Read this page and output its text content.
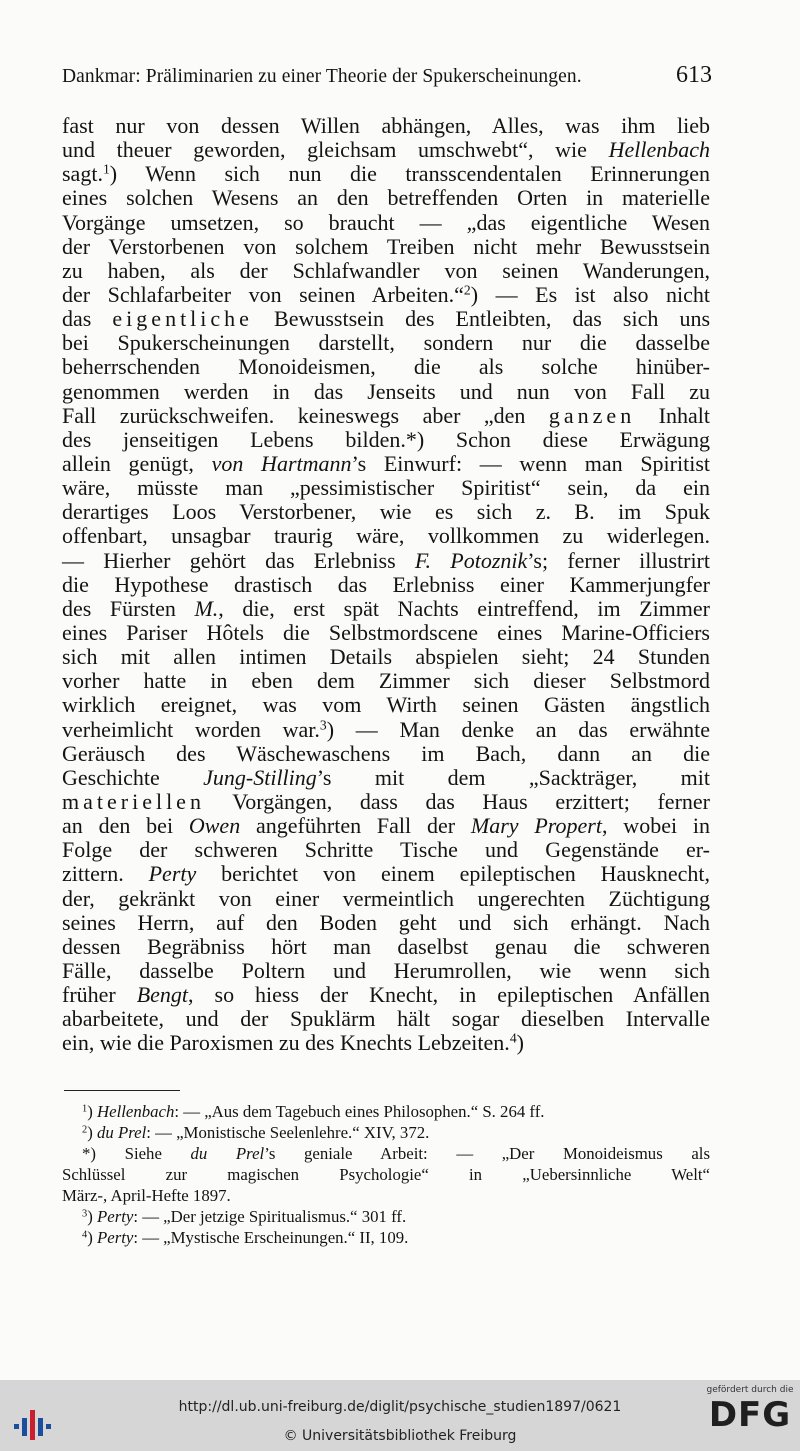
Dankmar: Präliminarien zu einer Theorie der Spukerscheinungen.	613
fast nur von dessen Willen abhängen, Alles, was ihm lieb
und theuer geworden, gleichsam umschwebt“, wie Hellenbach
sagt.$^1$) Wenn sich nun die transscendentalen Erinnerungen
eines solchen Wesens an den betreffenden Orten in materielle
Vorgänge umsetzen, so braucht — „das eigentliche Wesen
der Verstorbenen von solchem Treiben nicht mehr Bewusstsein
zu haben, als der Schlafwandler von seinen Wanderungen,
der Schlafarbeiter von seinen Arbeiten.“$^2$) — Es ist also nicht
das eigentliche Bewusstsein des Entleibten, das sich uns
bei Spukerscheinungen darstellt, sondern nur die dasselbe
beherrschenden Monoideismen, die als solche hinüber-
genommen werden in das Jenseits und nun von Fall zu
Fall zurückschweifen. keineswegs aber „den ganzen Inhalt
des jenseitigen Lebens bilden.*) Schon diese Erwägung
allein genügt, von Hartmann’s Einwurf: — wenn man Spiritist
wäre, müsste man „pessimistischer Spiritist“ sein, da ein
derartiges Loos Verstorbener, wie es sich z. B. im Spuk
offenbart, unsagbar traurig wäre, vollkommen zu widerlegen.
— Hierher gehört das Erlebniss F. Potoznik’s; ferner illustrirt
die Hypothese drastisch das Erlebniss einer Kammerjungfer
des Fürsten M., die, erst spät Nachts eintreffend, im Zimmer
eines Pariser Hôtels die Selbstmordscene eines Marine-Officiers
sich mit allen intimen Details abspielen sieht; 24 Stunden
vorher hatte in eben dem Zimmer sich dieser Selbstmord
wirklich ereignet, was vom Wirth seinen Gästen ängstlich
verheimlicht worden war.$^3$) — Man denke an das erwähnte
Geräusch des Wäschewaschens im Bach, dann an die
Geschichte Jung-Stilling’s mit dem „Sackträger, mit
materiellen Vorgängen, dass das Haus erzittert; ferner
an den bei Owen angeführten Fall der Mary Propert, wobei in
Folge der schweren Schritte Tische und Gegenstände er-
zittern. Perty berichtet von einem epileptischen Hausknecht,
der, gekränkt von einer vermeintlich ungerechten Züchtigung
seines Herrn, auf den Boden geht und sich erhängt. Nach
dessen Begräbniss hört man daselbst genau die schweren
Fälle, dasselbe Poltern und Herumrollen, wie wenn sich
früher Bengt, so hiess der Knecht, in epileptischen Anfällen
abarbeitete, und der Spuklärm hält sogar dieselben Intervalle
ein, wie die Paroxismen zu des Knechts Lebzeiten.$^4$)
$^1$) Hellenbach: — „Aus dem Tagebuch eines Philosophen.“ S. 264 ff.
$^2$) du Prel: — „Monistische Seelenlehre.“ XIV, 372.
*) Siehe du Prel’s geniale Arbeit: — „Der Monoideismus als
Schlüssel zur magischen Psychologie“ in „Uebersinnliche Welt“
März-, April-Hefte 1897.
$^3$) Perty: — „Der jetzige Spiritualismus.“ 301 ff.
$^4$) Perty: — „Mystische Erscheinungen.“ II, 109.
http://dl.ub.uni-freiburg.de/diglit/psychische_studien1897/0621
© Universitätsbibliothek Freiburg
gefördert durch die
DFG
